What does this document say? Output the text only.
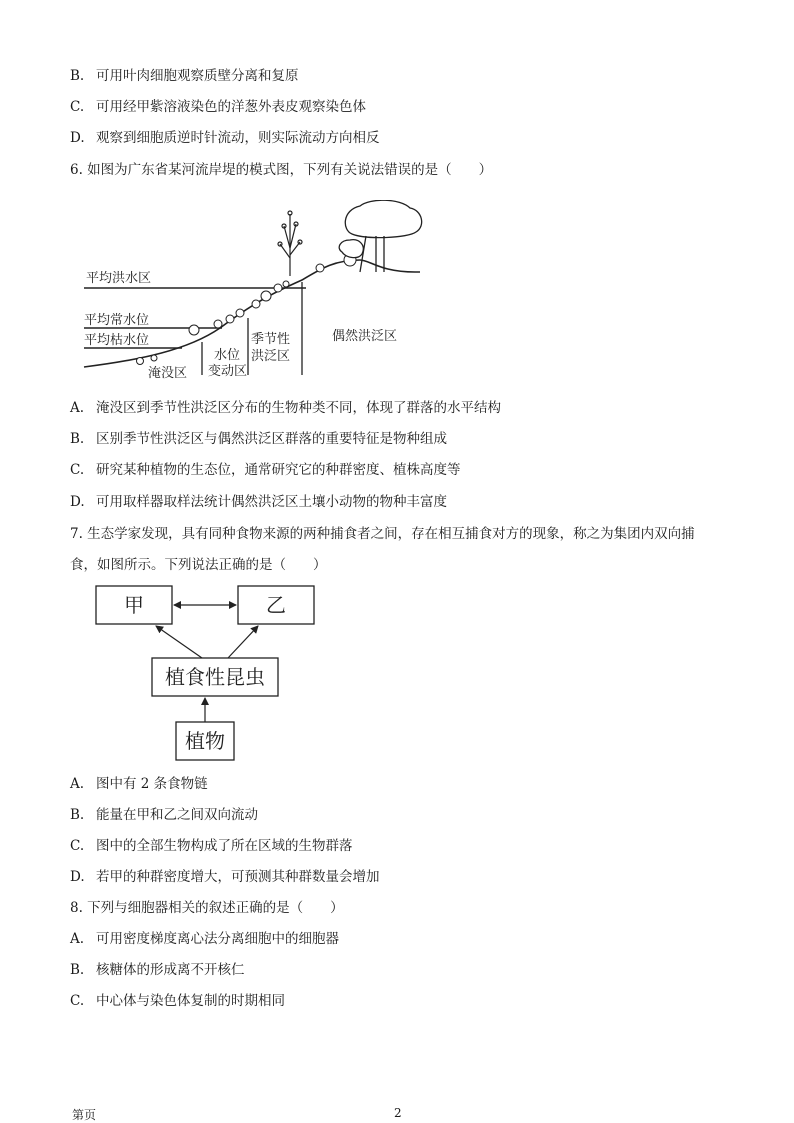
B. 可用叶肉细胞观察质壁分离和复原
C. 可用经甲紫溶液染色的洋葱外表皮观察染色体
D. 观察到细胞质逆时针流动，则实际流动方向相反
6. 如图为广东省某河流岸堤的模式图，下列有关说法错误的是（　　）
平均洪水区
平均常水位
平均枯水位
淹没区
水位
变动区
季节性
洪泛区
偶然洪泛区
A. 淹没区到季节性洪泛区分布的生物种类不同，体现了群落的水平结构
B. 区别季节性洪泛区与偶然洪泛区群落的重要特征是物种组成
C. 研究某种植物的生态位，通常研究它的种群密度、植株高度等
D. 可用取样器取样法统计偶然洪泛区土壤小动物的物种丰富度
7. 生态学家发现，具有同种食物来源的两种捕食者之间，存在相互捕食对方的现象，称之为集团内双向捕
食，如图所示。下列说法正确的是（　　）
甲	乙
植食性昆虫
植物
A. 图中有 2 条食物链
B. 能量在甲和乙之间双向流动
C. 图中的全部生物构成了所在区域的生物群落
D. 若甲的种群密度增大，可预测其种群数量会增加
8. 下列与细胞器相关的叙述正确的是（　　）
A. 可用密度梯度离心法分离细胞中的细胞器
B. 核糖体的形成离不开核仁
C. 中心体与染色体复制的时期相同
第页	2
